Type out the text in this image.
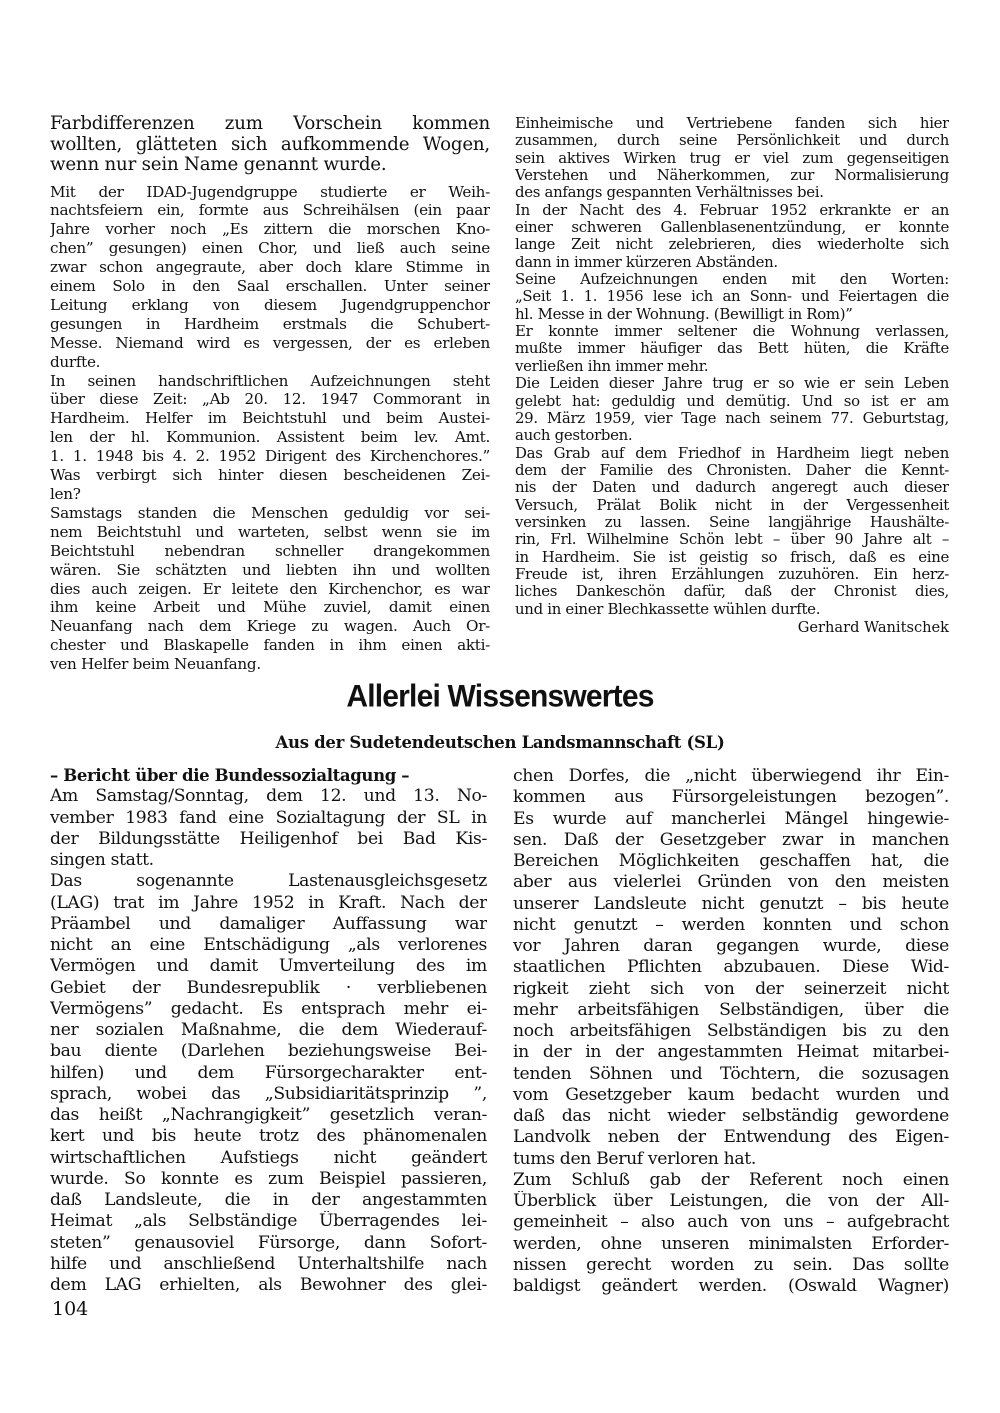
Farbdifferenzen zum Vorschein kommen
wollten, glätteten sich aufkommende Wogen,
wenn nur sein Name genannt wurde.
Mit der IDAD-Jugendgruppe studierte er Weih-
nachtsfeiern ein, formte aus Schreihälsen (ein paar
Jahre vorher noch „Es zittern die morschen Kno-
chen” gesungen) einen Chor, und ließ auch seine
zwar schon angegraute, aber doch klare Stimme in
einem Solo in den Saal erschallen. Unter seiner
Leitung erklang von diesem Jugendgruppenchor
gesungen in Hardheim erstmals die Schubert-
Messe. Niemand wird es vergessen, der es erleben
durfte.
In seinen handschriftlichen Aufzeichnungen steht
über diese Zeit: „Ab 20. 12. 1947 Commorant in
Hardheim. Helfer im Beichtstuhl und beim Austei-
len der hl. Kommunion. Assistent beim lev. Amt.
1. 1. 1948 bis 4. 2. 1952 Dirigent des Kirchenchores.”
Was verbirgt sich hinter diesen bescheidenen Zei-
len?
Samstags standen die Menschen geduldig vor sei-
nem Beichtstuhl und warteten, selbst wenn sie im
Beichtstuhl nebendran schneller drangekommen
wären. Sie schätzten und liebten ihn und wollten
dies auch zeigen. Er leitete den Kirchenchor, es war
ihm keine Arbeit und Mühe zuviel, damit einen
Neuanfang nach dem Kriege zu wagen. Auch Or-
chester und Blaskapelle fanden in ihm einen akti-
ven Helfer beim Neuanfang.
Einheimische und Vertriebene fanden sich hier
zusammen, durch seine Persönlichkeit und durch
sein aktives Wirken trug er viel zum gegenseitigen
Verstehen und Näherkommen, zur Normalisierung
des anfangs gespannten Verhältnisses bei.
In der Nacht des 4. Februar 1952 erkrankte er an
einer schweren Gallenblasenentzündung, er konnte
lange Zeit nicht zelebrieren, dies wiederholte sich
dann in immer kürzeren Abständen.
Seine Aufzeichnungen enden mit den Worten:
„Seit 1. 1. 1956 lese ich an Sonn- und Feiertagen die
hl. Messe in der Wohnung. (Bewilligt in Rom)”
Er konnte immer seltener die Wohnung verlassen,
mußte immer häufiger das Bett hüten, die Kräfte
verließen ihn immer mehr.
Die Leiden dieser Jahre trug er so wie er sein Leben
gelebt hat: geduldig und demütig. Und so ist er am
29. März 1959, vier Tage nach seinem 77. Geburtstag,
auch gestorben.
Das Grab auf dem Friedhof in Hardheim liegt neben
dem der Familie des Chronisten. Daher die Kennt-
nis der Daten und dadurch angeregt auch dieser
Versuch, Prälat Bolik nicht in der Vergessenheit
versinken zu lassen. Seine langjährige Haushälte-
rin, Frl. Wilhelmine Schön lebt – über 90 Jahre alt –
in Hardheim. Sie ist geistig so frisch, daß es eine
Freude ist, ihren Erzählungen zuzuhören. Ein herz-
liches Dankeschön dafür, daß der Chronist dies,
und in einer Blechkassette wühlen durfte.
Gerhard Wanitschek
Allerlei Wissenswertes
Aus der Sudetendeutschen Landsmannschaft (SL)
– Bericht über die Bundessozialtagung –
Am Samstag/Sonntag, dem 12. und 13. No-
vember 1983 fand eine Sozialtagung der SL in
der Bildungsstätte Heiligenhof bei Bad Kis-
singen statt.
Das sogenannte Lastenausgleichsgesetz
(LAG) trat im Jahre 1952 in Kraft. Nach der
Präambel und damaliger Auffassung war
nicht an eine Entschädigung „als verlorenes
Vermögen und damit Umverteilung des im
Gebiet der Bundesrepublik · verbliebenen
Vermögens” gedacht. Es entsprach mehr ei-
ner sozialen Maßnahme, die dem Wiederauf-
bau diente (Darlehen beziehungsweise Bei-
hilfen) und dem Fürsorgecharakter ent-
sprach, wobei das „Subsidiaritätsprinzip ”,
das heißt „Nachrangigkeit” gesetzlich veran-
kert und bis heute trotz des phänomenalen
wirtschaftlichen Aufstiegs nicht geändert
wurde. So konnte es zum Beispiel passieren,
daß Landsleute, die in der angestammten
Heimat „als Selbständige Überragendes lei-
steten” genausoviel Fürsorge, dann Sofort-
hilfe und anschließend Unterhaltshilfe nach
dem LAG erhielten, als Bewohner des glei-
chen Dorfes, die „nicht überwiegend ihr Ein-
kommen aus Fürsorgeleistungen bezogen”.
Es wurde auf mancherlei Mängel hingewie-
sen. Daß der Gesetzgeber zwar in manchen
Bereichen Möglichkeiten geschaffen hat, die
aber aus vielerlei Gründen von den meisten
unserer Landsleute nicht genutzt – bis heute
nicht genutzt – werden konnten und schon
vor Jahren daran gegangen wurde, diese
staatlichen Pflichten abzubauen. Diese Wid-
rigkeit zieht sich von der seinerzeit nicht
mehr arbeitsfähigen Selbständigen, über die
noch arbeitsfähigen Selbständigen bis zu den
in der in der angestammten Heimat mitarbei-
tenden Söhnen und Töchtern, die sozusagen
vom Gesetzgeber kaum bedacht wurden und
daß das nicht wieder selbständig gewordene
Landvolk neben der Entwendung des Eigen-
tums den Beruf verloren hat.
Zum Schluß gab der Referent noch einen
Überblick über Leistungen, die von der All-
gemeinheit – also auch von uns – aufgebracht
werden, ohne unseren minimalsten Erforder-
nissen gerecht worden zu sein. Das sollte
baldigst geändert werden. (Oswald Wagner)
104
